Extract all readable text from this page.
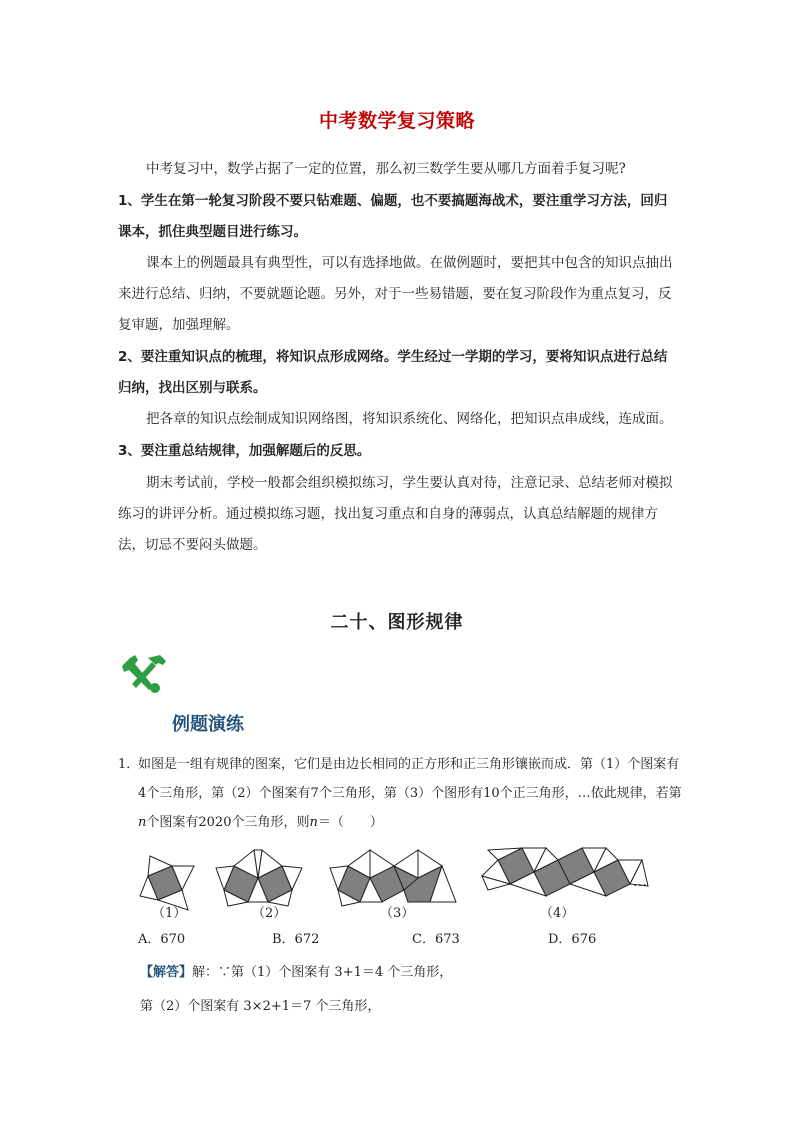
中考数学复习策略

中考复习中，数学占据了一定的位置，那么初三数学生要从哪几方面着手复习呢?

1、学生在第一轮复习阶段不要只钻难题、偏题，也不要搞题海战术，要注重学习方法，回归课本，抓住典型题目进行练习。

课本上的例题最具有典型性，可以有选择地做。在做例题时，要把其中包含的知识点抽出来进行总结、归纳，不要就题论题。另外，对于一些易错题，要在复习阶段作为重点复习，反复审题，加强理解。

2、要注重知识点的梳理，将知识点形成网络。学生经过一学期的学习，要将知识点进行总结归纳，找出区别与联系。

把各章的知识点绘制成知识网络图，将知识系统化、网络化，把知识点串成线，连成面。

3、要注重总结规律，加强解题后的反思。

期末考试前，学校一般都会组织模拟练习，学生要认真对待，注意记录、总结老师对模拟练习的讲评分析。通过模拟练习题，找出复习重点和自身的薄弱点，认真总结解题的规律方法，切忌不要闷头做题。

二十、图形规律
例题演练
1．
如图是一组有规律的图案，它们是由边长相同的正方形和正三角形镶嵌而成．第（1）个图案有4个三角形，第（2）个图案有7个三角形，第（3）个图形有10个正三角形，…依此规律，若第n个图案有2020个三角形，则n＝（　　）
…
（1）	（2）	（3）	（4）
A．670	B．672	C．673	D．676
【解答】解：∵第（1）个图案有 3+1＝4 个三角形，
第（2）个图案有 3×2+1＝7 个三角形，
